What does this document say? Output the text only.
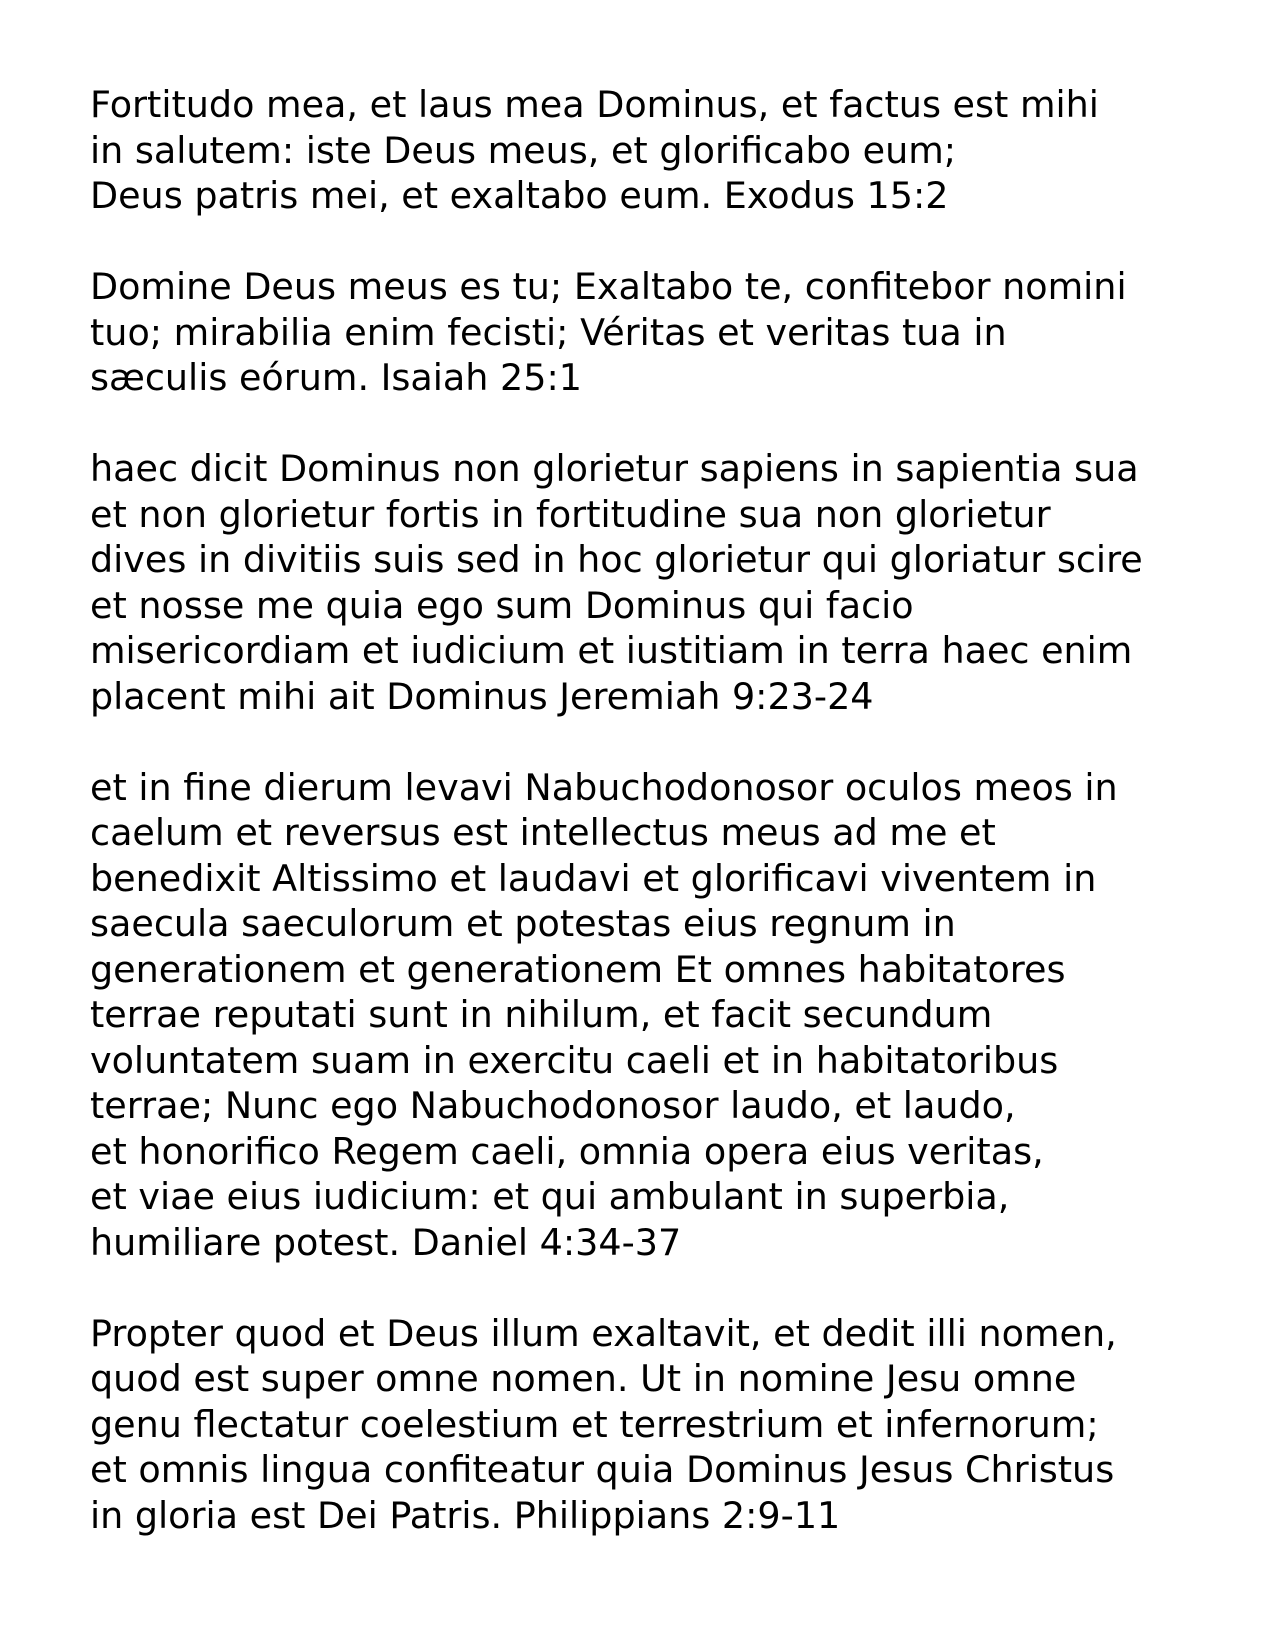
Fortitudo mea, et laus mea Dominus, et factus est mihi
in salutem: iste Deus meus, et glorificabo eum;
Deus patris mei, et exaltabo eum. Exodus 15:2
Domine Deus meus es tu; Exaltabo te, confitebor nomini
tuo; mirabilia enim fecisti; Véritas et veritas tua in
sæculis eórum. Isaiah 25:1
haec dicit Dominus non glorietur sapiens in sapientia sua
et non glorietur fortis in fortitudine sua non glorietur
dives in divitiis suis sed in hoc glorietur qui gloriatur scire
et nosse me quia ego sum Dominus qui facio
misericordiam et iudicium et iustitiam in terra haec enim
placent mihi ait Dominus Jeremiah 9:23-24
et in fine dierum levavi Nabuchodonosor oculos meos in
caelum et reversus est intellectus meus ad me et
benedixit Altissimo et laudavi et glorificavi viventem in
saecula saeculorum et potestas eius regnum in
generationem et generationem Et omnes habitatores
terrae reputati sunt in nihilum, et facit secundum
voluntatem suam in exercitu caeli et in habitatoribus
terrae; Nunc ego Nabuchodonosor laudo, et laudo,
et honorifico Regem caeli, omnia opera eius veritas,
et viae eius iudicium: et qui ambulant in superbia,
humiliare potest. Daniel 4:34-37
Propter quod et Deus illum exaltavit, et dedit illi nomen,
quod est super omne nomen. Ut in nomine Jesu omne
genu flectatur coelestium et terrestrium et infernorum;
et omnis lingua confiteatur quia Dominus Jesus Christus
in gloria est Dei Patris. Philippians 2:9-11
